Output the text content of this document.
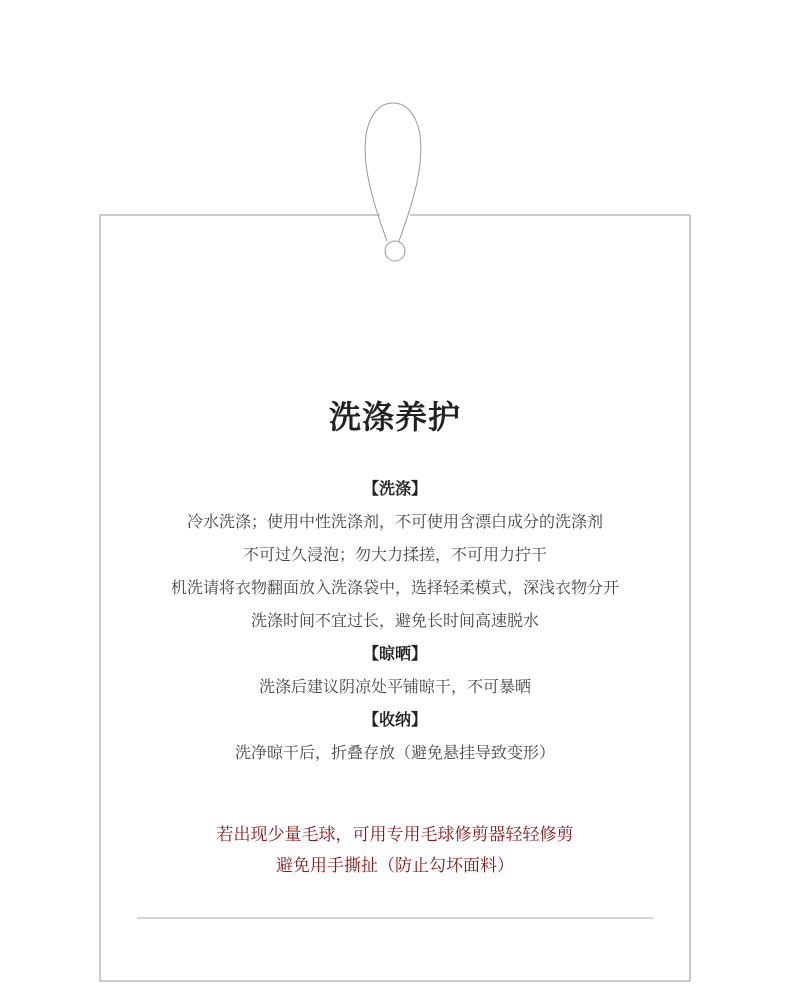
洗涤养护
【洗涤】
冷水洗涤；使用中性洗涤剂，不可使用含漂白成分的洗涤剂
不可过久浸泡；勿大力揉搓，不可用力拧干
机洗请将衣物翻面放入洗涤袋中，选择轻柔模式，深浅衣物分开
洗涤时间不宜过长，避免长时间高速脱水
【晾晒】
洗涤后建议阴凉处平铺晾干，不可暴晒
【收纳】
洗净晾干后，折叠存放（避免悬挂导致变形）
若出现少量毛球，可用专用毛球修剪器轻轻修剪
避免用手撕扯（防止勾坏面料）
